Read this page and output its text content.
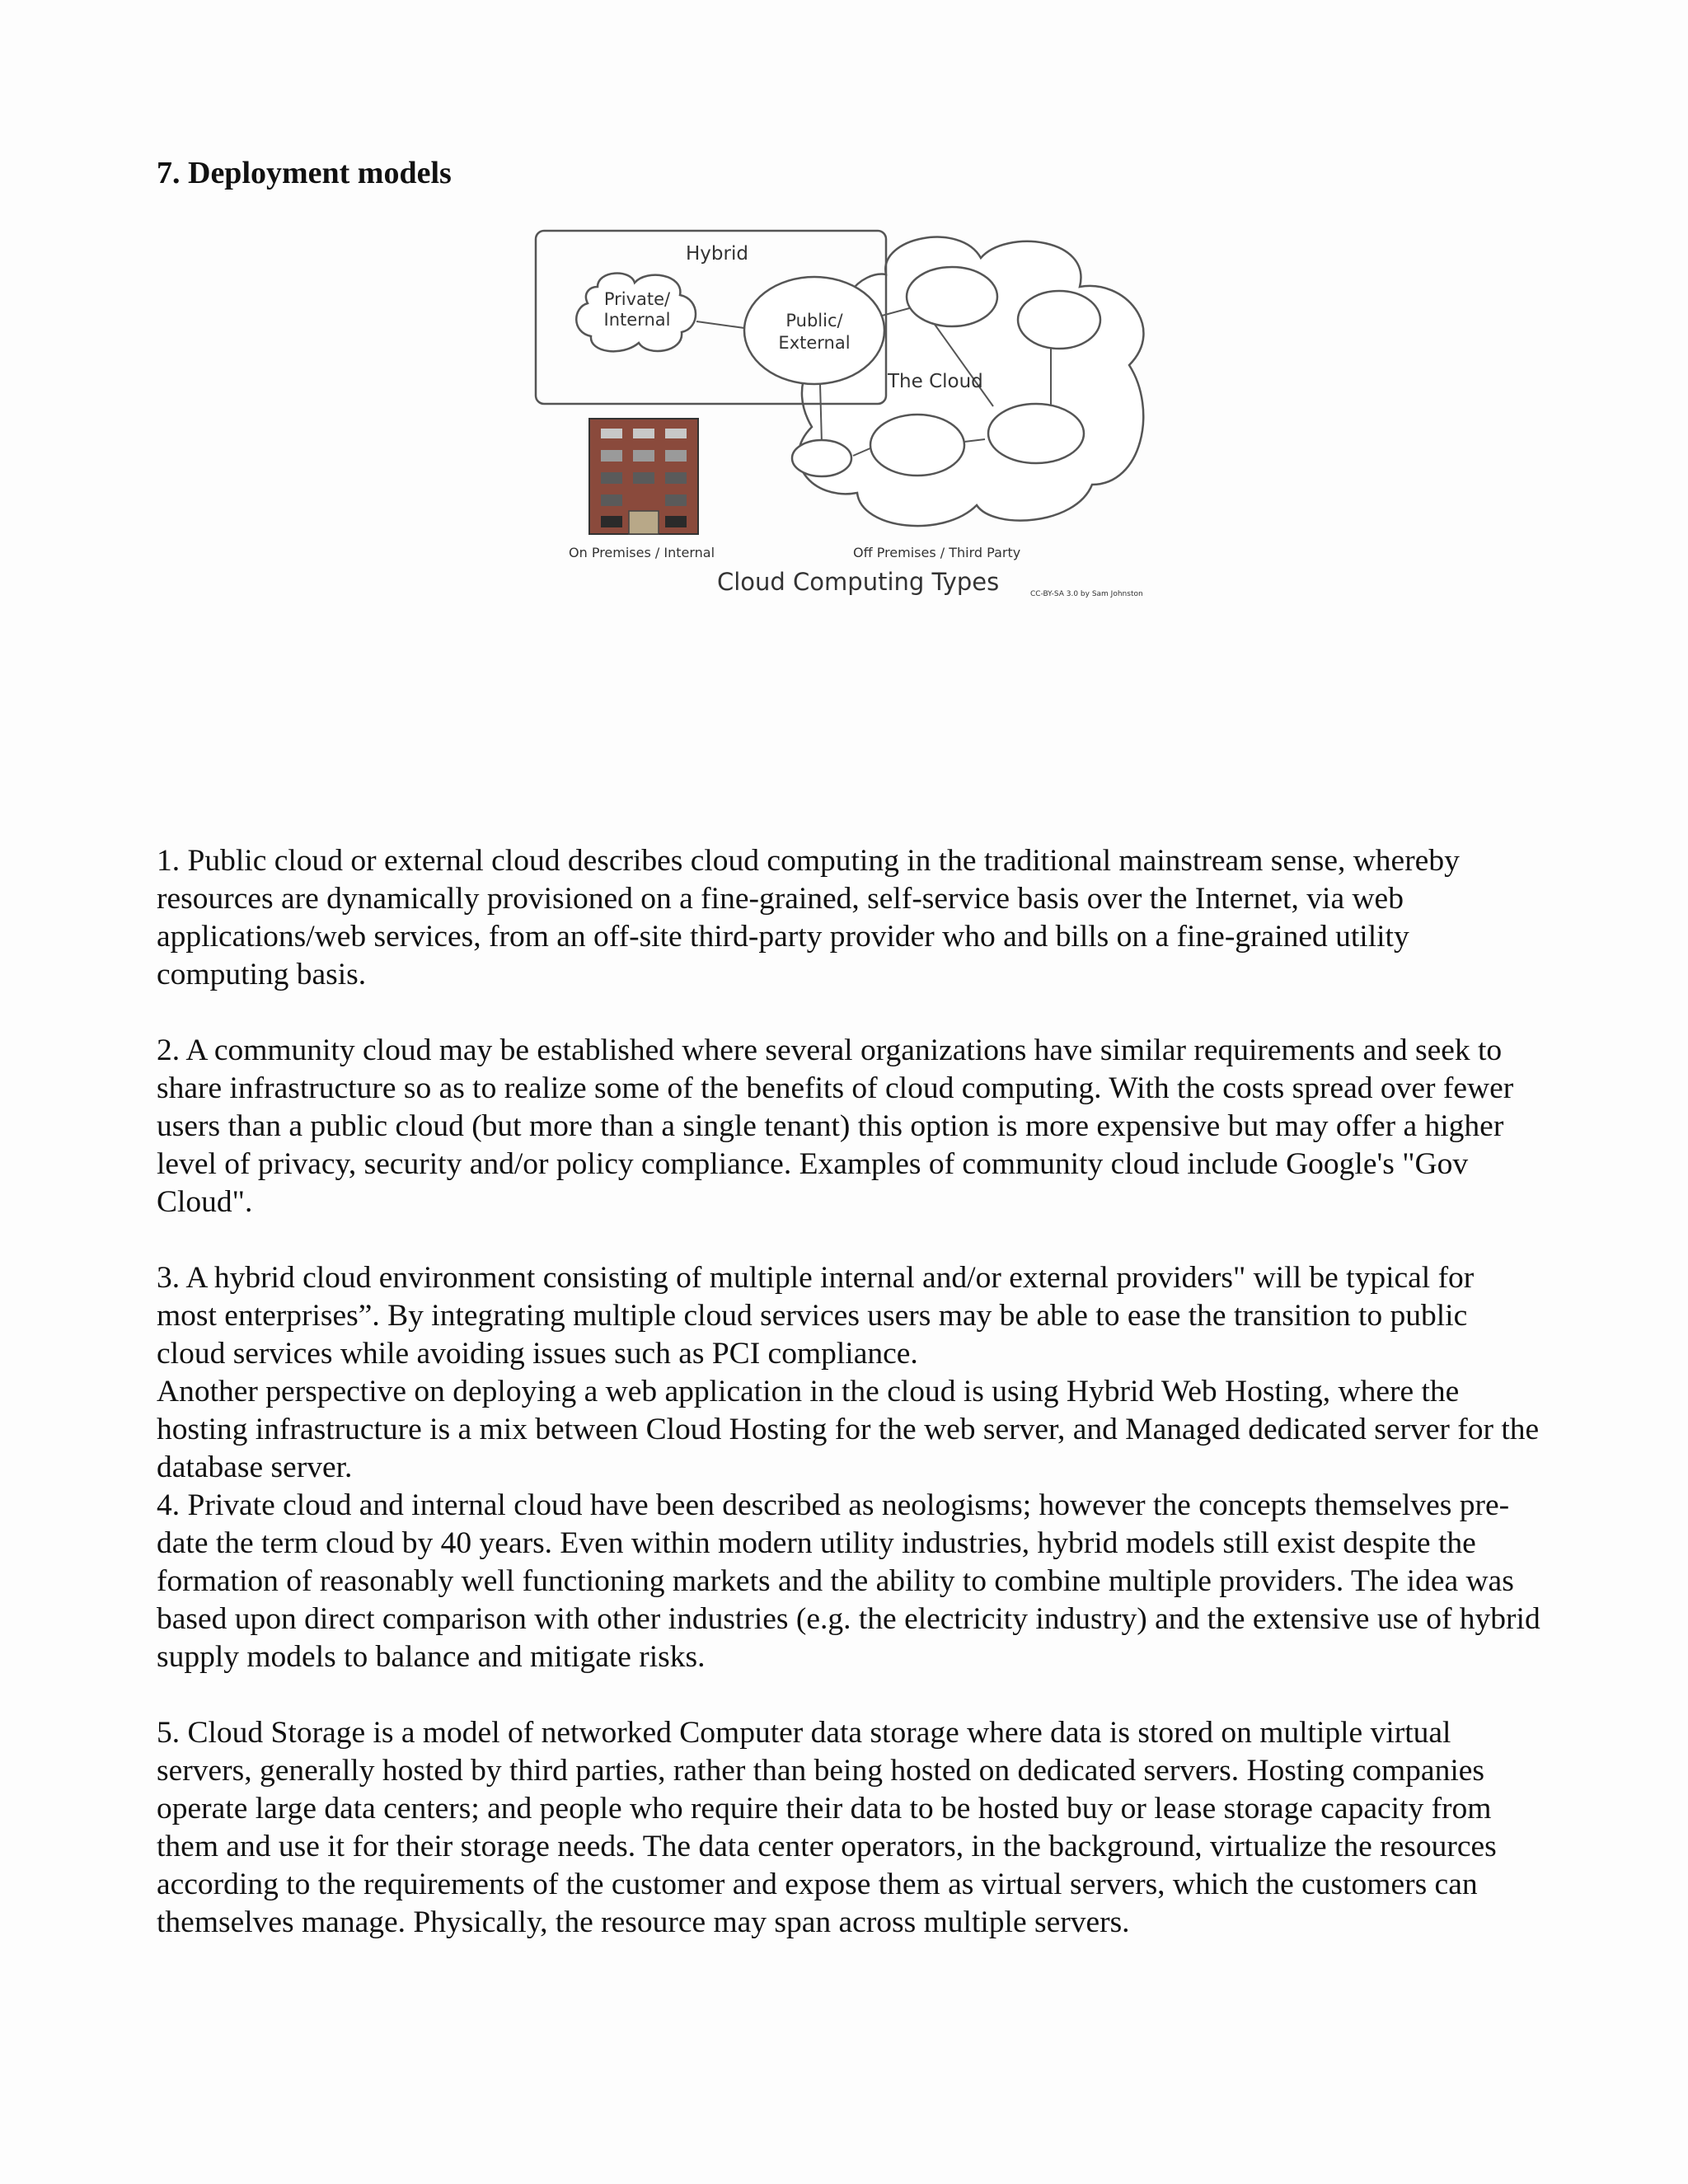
7. Deployment models
Hybrid
Private/
Internal	Public/
External
The Cloud
On Premises / Internal	Off Premises / Third Party
Cloud Computing Types	CC-BY-SA 3.0 by Sam Johnston

1. Public cloud or external cloud describes cloud computing in the traditional mainstream sense, whereby resources are dynamically provisioned on a fine-grained, self-service basis over the Internet, via web applications/web services, from an off-site third-party provider who and bills on a fine-grained utility computing basis.

2. A community cloud may be established where several organizations have similar requirements and seek to share infrastructure so as to realize some of the benefits of cloud computing. With the costs spread over fewer users than a public cloud (but more than a single tenant) this option is more expensive but may offer a higher level of privacy, security and/or policy compliance. Examples of community cloud include Google's "Gov Cloud".

3. A hybrid cloud environment consisting of multiple internal and/or external providers" will be typical for most enterprises”. By integrating multiple cloud services users may be able to ease the transition to public cloud services while avoiding issues such as PCI compliance.

Another perspective on deploying a web application in the cloud is using Hybrid Web Hosting, where the hosting infrastructure is a mix between Cloud Hosting for the web server, and Managed dedicated server for the database server.

4. Private cloud and internal cloud have been described as neologisms; however the concepts themselves pre-date the term cloud by 40 years. Even within modern utility industries, hybrid models still exist despite the formation of reasonably well functioning markets and the ability to combine multiple providers. The idea was based upon direct comparison with other industries (e.g. the electricity industry) and the extensive use of hybrid supply models to balance and mitigate risks.

5. Cloud Storage is a model of networked Computer data storage where data is stored on multiple virtual servers, generally hosted by third parties, rather than being hosted on dedicated servers. Hosting companies operate large data centers; and people who require their data to be hosted buy or lease storage capacity from them and use it for their storage needs. The data center operators, in the background, virtualize the resources according to the requirements of the customer and expose them as virtual servers, which the customers can themselves manage. Physically, the resource may span across multiple servers.
